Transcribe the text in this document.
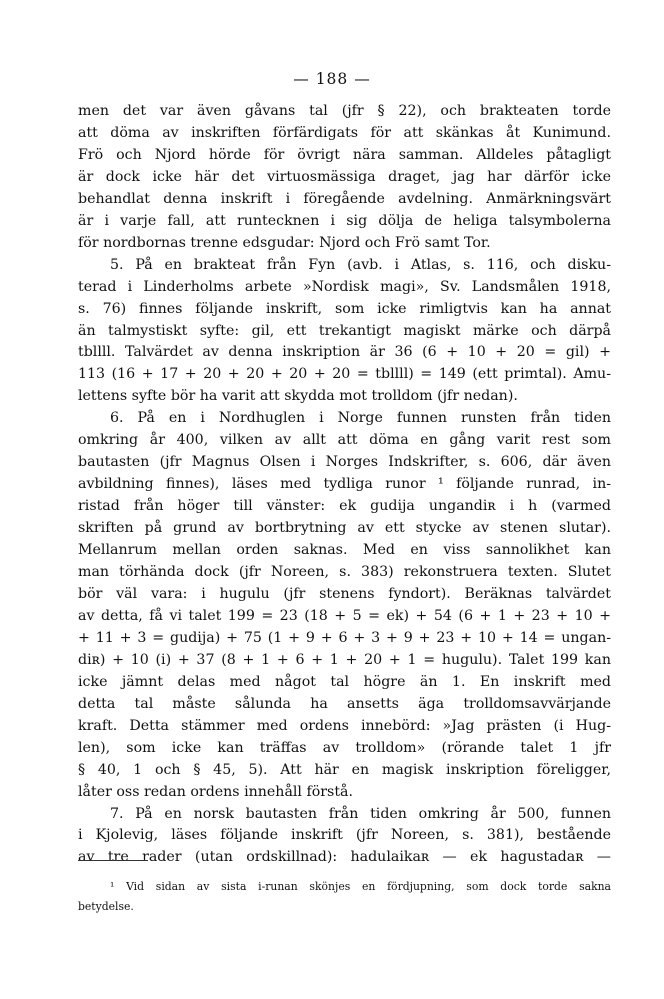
— 188 —
men det var även gåvans tal (jfr § 22), och brakteaten torde
att döma av inskriften förfärdigats för att skänkas åt Kunimund.
Frö och Njord hörde för övrigt nära samman. Alldeles påtagligt
är dock icke här det virtuosmässiga draget, jag har därför icke
behandlat denna inskrift i föregående avdelning. Anmärkningsvärt
är i varje fall, att runtecknen i sig dölja de heliga talsymbolerna
för nordbornas trenne edsgudar: Njord och Frö samt Tor.
5. På en brakteat från Fyn (avb. i Atlas, s. 116, och disku-
terad i Linderholms arbete »Nordisk magi», Sv. Landsmålen 1918,
s. 76) finnes följande inskrift, som icke rimligtvis kan ha annat
än talmystiskt syfte: gil, ett trekantigt magiskt märke och därpå
tbllll. Talvärdet av denna inskription är 36 (6 + 10 + 20 = gil) +
113 (16 + 17 + 20 + 20 + 20 + 20 = tbllll) = 149 (ett primtal). Amu-
lettens syfte bör ha varit att skydda mot trolldom (jfr nedan).
6. På en i Nordhuglen i Norge funnen runsten från tiden
omkring år 400, vilken av allt att döma en gång varit rest som
bautasten (jfr Magnus Olsen i Norges Indskrifter, s. 606, där även
avbildning finnes), läses med tydliga runor ¹ följande runrad, in-
ristad från höger till vänster: ek gudija ungandiʀ i h (varmed
skriften på grund av bortbrytning av ett stycke av stenen slutar).
Mellanrum mellan orden saknas. Med en viss sannolikhet kan
man törhända dock (jfr Noreen, s. 383) rekonstruera texten. Slutet
bör väl vara: i hugulu (jfr stenens fyndort). Beräknas talvärdet
av detta, få vi talet 199 = 23 (18 + 5 = ek) + 54 (6 + 1 + 23 + 10 +
+ 11 + 3 = gudija) + 75 (1 + 9 + 6 + 3 + 9 + 23 + 10 + 14 = ungan-
diʀ) + 10 (i) + 37 (8 + 1 + 6 + 1 + 20 + 1 = hugulu). Talet 199 kan
icke jämnt delas med något tal högre än 1. En inskrift med
detta tal måste sålunda ha ansetts äga trolldomsavvärjande
kraft. Detta stämmer med ordens innebörd: »Jag prästen (i Hug-
len), som icke kan träffas av trolldom» (rörande talet 1 jfr
§ 40, 1 och § 45, 5). Att här en magisk inskription föreligger,
låter oss redan ordens innehåll förstå.
7. På en norsk bautasten från tiden omkring år 500, funnen
i Kjolevig, läses följande inskrift (jfr Noreen, s. 381), bestående
av tre rader (utan ordskillnad): hadulaikaʀ — ek hagustadaʀ —
¹ Vid sidan av sista i-runan skönjes en fördjupning, som dock torde sakna
betydelse.
